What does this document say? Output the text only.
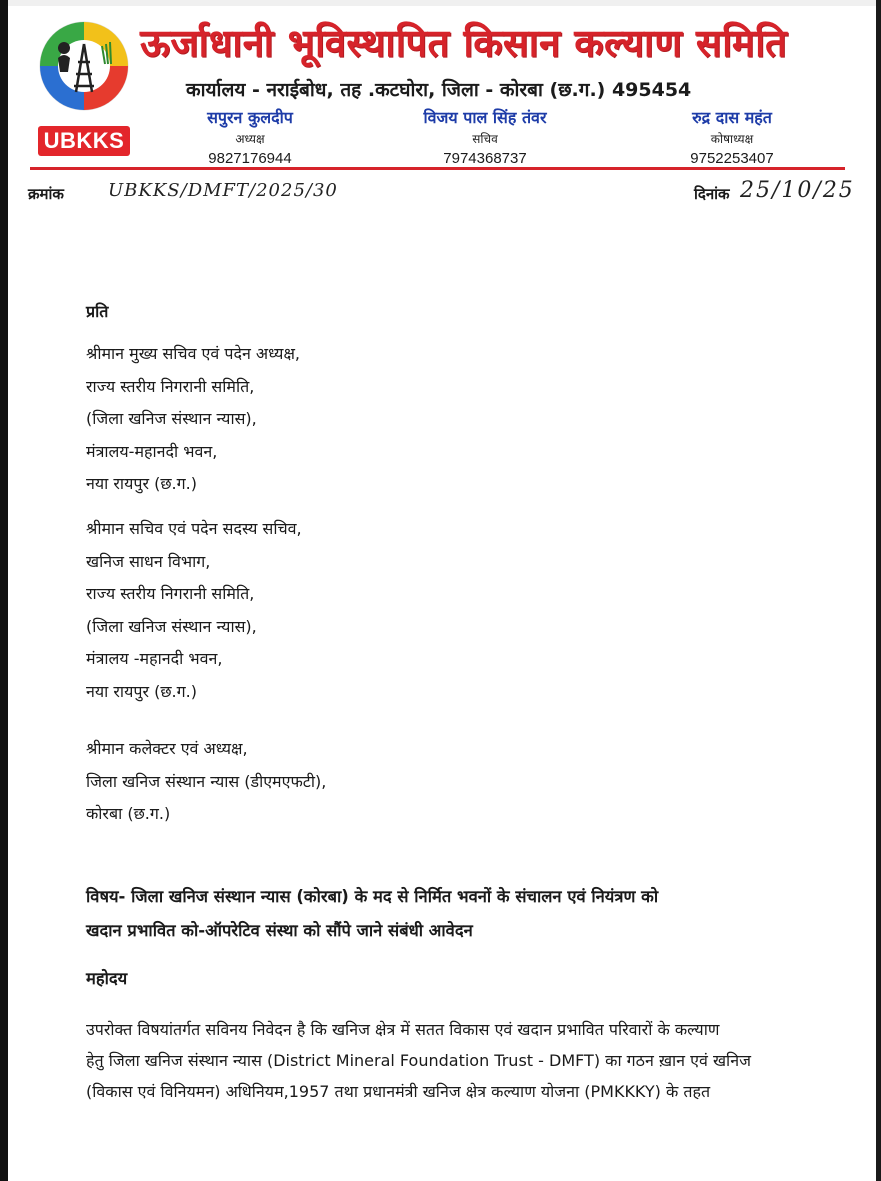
UBKKS
ऊर्जाधानी भूविस्थापित किसान कल्याण समिति
कार्यालय - नराईबोध, तह .कटघोरा, जिला - कोरबा (छ.ग.) 495454
सपुरन कुलदीप
अध्यक्ष
9827176944
विजय पाल सिंह तंवर
सचिव
7974368737
रुद्र दास महंत
कोषाध्यक्ष
9752253407
क्रमांक UBKKS/DMFT/2025/30	दिनांक 25/10/25
प्रति
श्रीमान मुख्य सचिव एवं पदेन अध्यक्ष,
राज्य स्तरीय निगरानी समिति,
(जिला खनिज संस्थान न्यास),
मंत्रालय-महानदी भवन,
नया रायपुर (छ.ग.)
श्रीमान सचिव एवं पदेन सदस्य सचिव,
खनिज साधन विभाग,
राज्य स्तरीय निगरानी समिति,
(जिला खनिज संस्थान न्यास),
मंत्रालय -महानदी भवन,
नया रायपुर (छ.ग.)
श्रीमान कलेक्टर एवं अध्यक्ष,
जिला खनिज संस्थान न्यास (डीएमएफटी),
कोरबा (छ.ग.)
विषय- जिला खनिज संस्थान न्यास (कोरबा) के मद से निर्मित भवनों के संचालन एवं नियंत्रण को
खदान प्रभावित को-ऑपरेटिव संस्था को सौंपे जाने संबंधी आवेदन
महोदय
उपरोक्त विषयांतर्गत सविनय निवेदन है कि खनिज क्षेत्र में सतत विकास एवं खदान प्रभावित परिवारों के कल्याण
हेतु जिला खनिज संस्थान न्यास (District Mineral Foundation Trust - DMFT) का गठन ख़ान एवं खनिज
(विकास एवं विनियमन) अधिनियम,1957 तथा प्रधानमंत्री खनिज क्षेत्र कल्याण योजना (PMKKKY) के तहत
